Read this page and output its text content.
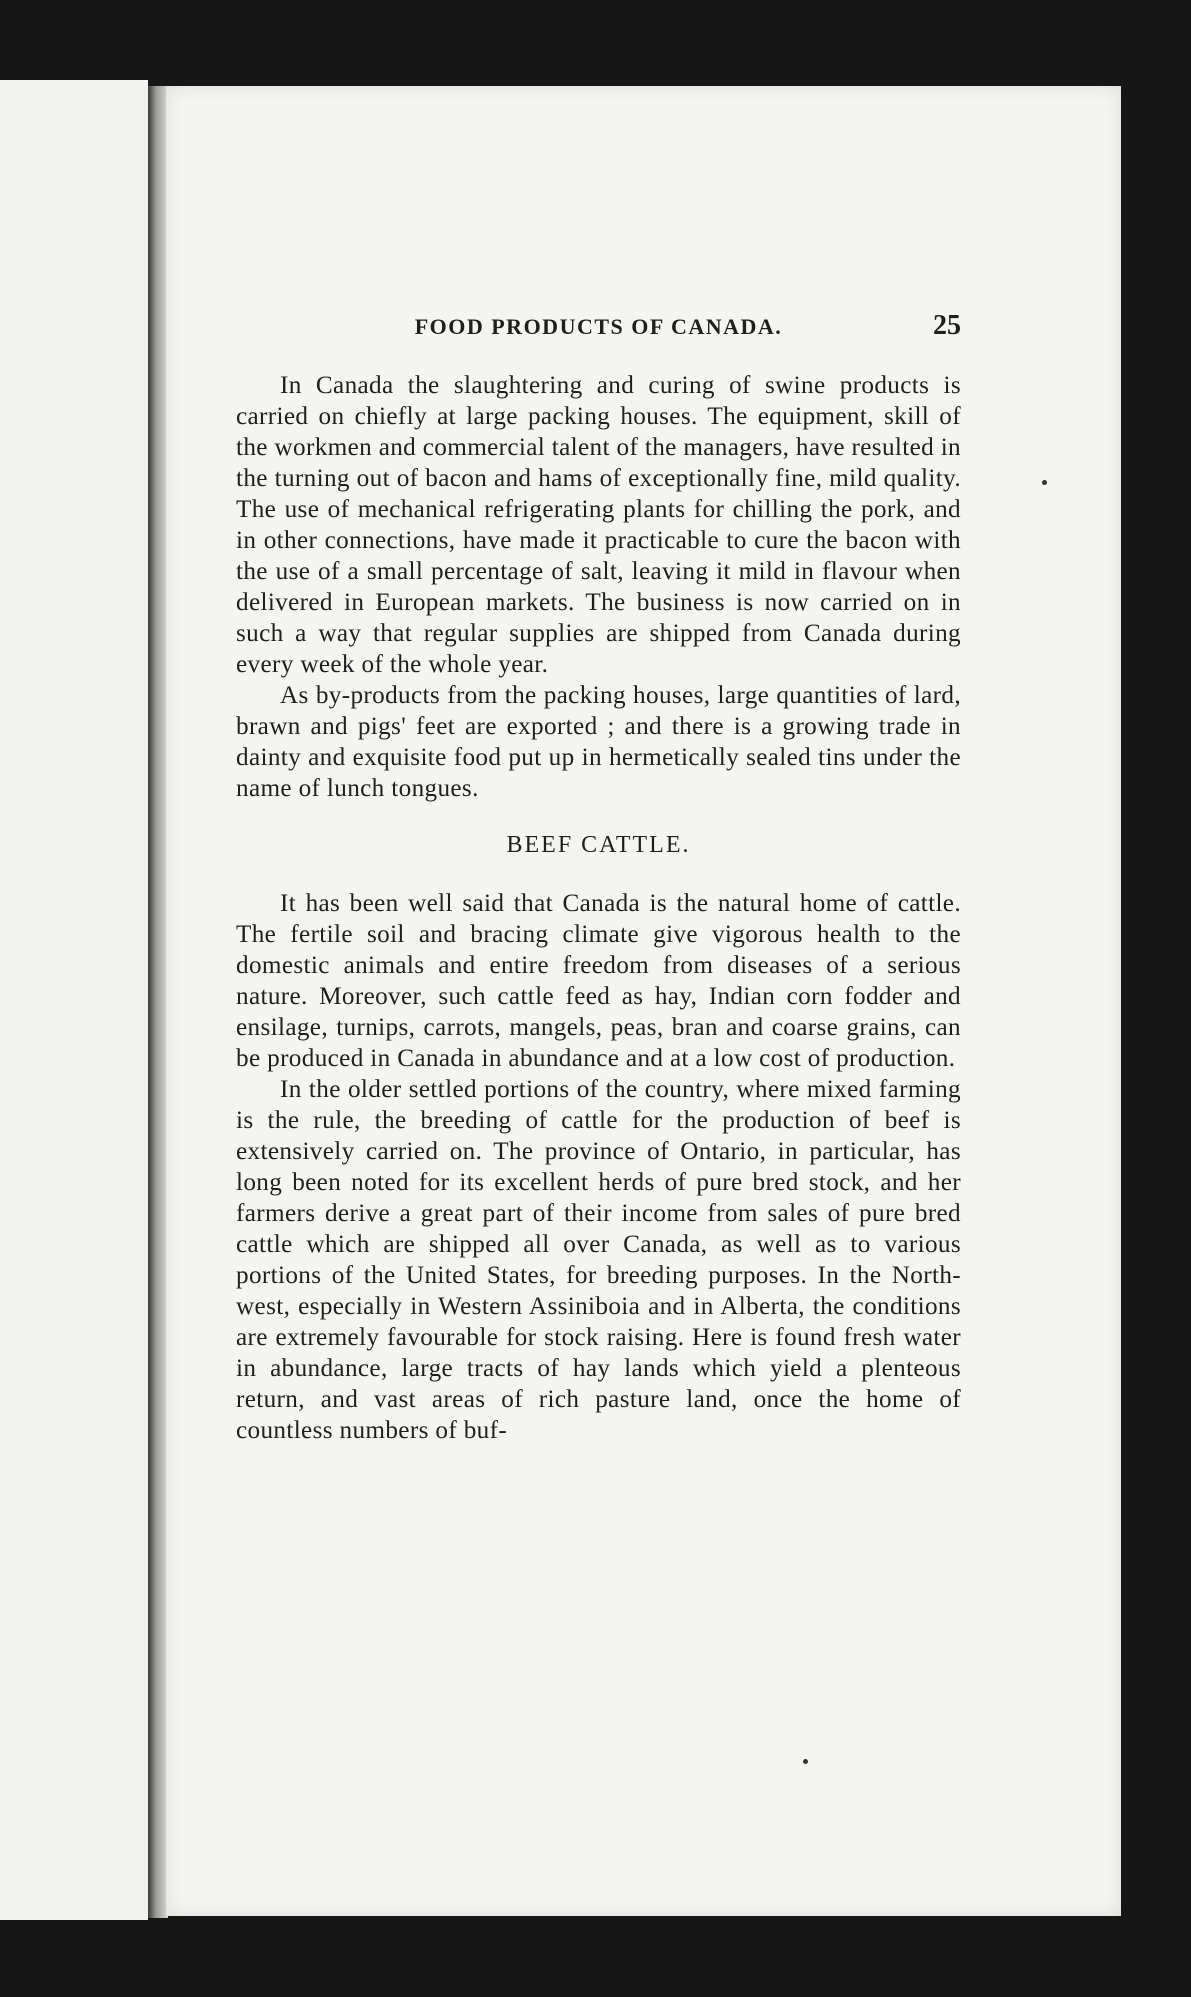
FOOD PRODUCTS OF CANADA.	25

In Canada the slaughtering and curing of swine products is carried on chiefly at large packing houses. The equipment, skill of the workmen and commercial talent of the managers, have resulted in the turning out of bacon and hams of exceptionally fine, mild quality. The use of mechanical refrigerating plants for chilling the pork, and in other connections, have made it practicable to cure the bacon with the use of a small percentage of salt, leaving it mild in flavour when delivered in European markets. The business is now carried on in such a way that regular supplies are shipped from Canada during every week of the whole year.

As by-products from the packing houses, large quantities of lard, brawn and pigs' feet are exported ; and there is a growing trade in dainty and exquisite food put up in hermetically sealed tins under the name of lunch tongues.

BEEF CATTLE.

It has been well said that Canada is the natural home of cattle. The fertile soil and bracing climate give vigorous health to the domestic animals and entire freedom from diseases of a serious nature. Moreover, such cattle feed as hay, Indian corn fodder and ensilage, turnips, carrots, mangels, peas, bran and coarse grains, can be produced in Canada in abundance and at a low cost of production.

In the older settled portions of the country, where mixed farming is the rule, the breeding of cattle for the production of beef is extensively carried on. The province of Ontario, in particular, has long been noted for its excellent herds of pure bred stock, and her farmers derive a great part of their income from sales of pure bred cattle which are shipped all over Canada, as well as to various portions of the United States, for breeding purposes. In the North-west, especially in Western Assiniboia and in Alberta, the conditions are extremely favourable for stock raising. Here is found fresh water in abundance, large tracts of hay lands which yield a plenteous return, and vast areas of rich pasture land, once the home of countless numbers of buf-
